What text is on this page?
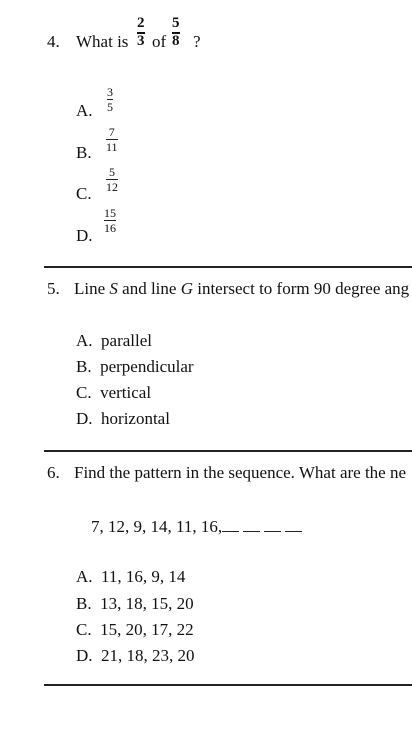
4. What is
2
3 of
5
8 ?
A.
3
5
B.
7
11
C.
5
12
D.
15
16
5. Line S and line G intersect to form 90 degree ang
A. parallel
B. perpendicular
C. vertical
D. horizontal
6. Find the pattern in the sequence. What are the ne
7, 12, 9, 14, 11, 16,
A. 11, 16, 9, 14
B. 13, 18, 15, 20
C. 15, 20, 17, 22
D. 21, 18, 23, 20
